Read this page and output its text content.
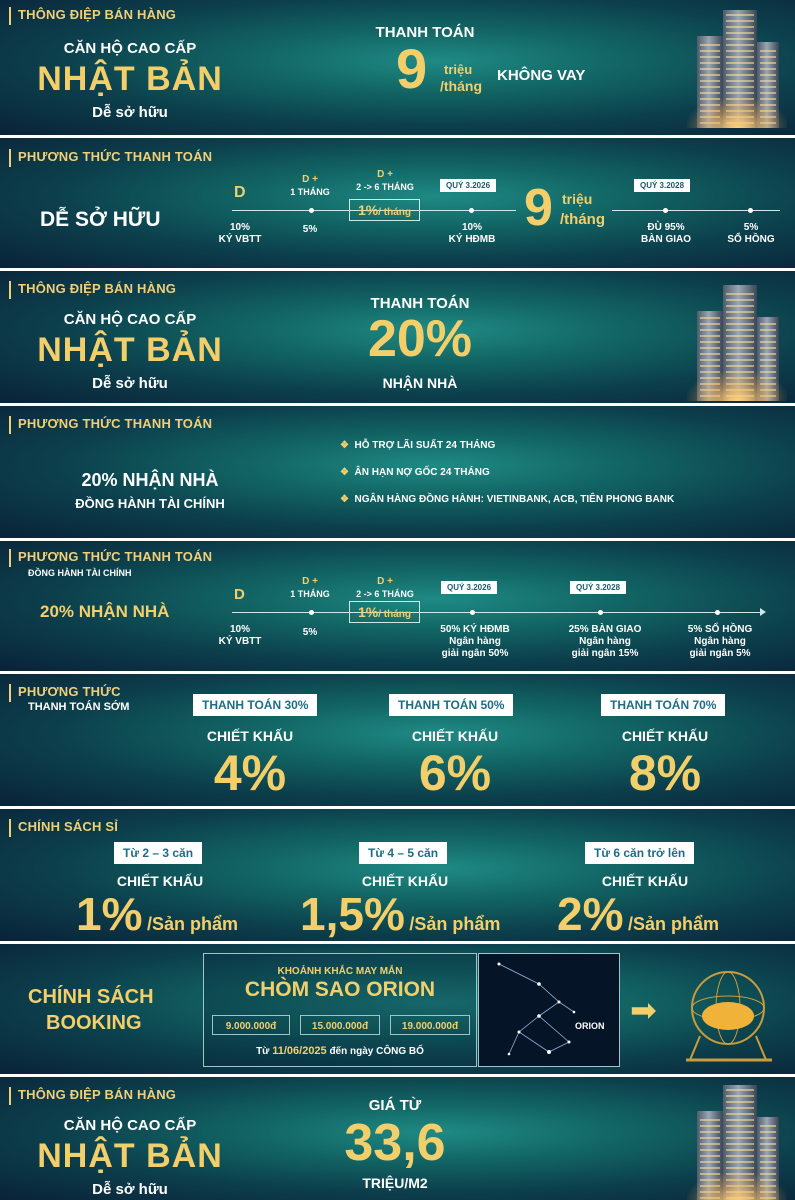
THÔNG ĐIỆP BÁN HÀNG
CĂN HỘ CAO CẤP
NHẬT BẢN
Dễ sở hữu
THANH TOÁN
9 triệu
/tháng
KHÔNG VAY
PHƯƠNG THỨC THANH TOÁN
DỄ SỞ HỮU
D
10%
KÝ VBTT
D +
1 THÁNG
5%
D +
2 -> 6 THÁNG
1%/ tháng
QUÝ 3.2026
10%
KÝ HĐMB
9 triệu
/tháng
QUÝ 3.2028
ĐÙ 95%
BÀN GIAO
5%
SỔ HỒNG
THÔNG ĐIỆP BÁN HÀNG
CĂN HỘ CAO CẤP
NHẬT BẢN
Dễ sở hữu
THANH TOÁN
20%
NHẬN NHÀ
PHƯƠNG THỨC THANH TOÁN
20% NHẬN NHÀ
ĐỒNG HÀNH TÀI CHÍNH
❖ HỖ TRỢ LÃI SUẤT 24 THÁNG
❖ ÂN HẠN NỢ GỐC 24 THÁNG
❖ NGÂN HÀNG ĐỒNG HÀNH: VIETINBANK, ACB, TIÊN PHONG BANK
PHƯƠNG THỨC THANH TOÁN
ĐỒNG HÀNH TÀI CHÍNH
20% NHẬN NHÀ
D
10%
KÝ VBTT
D +
1 THÁNG
5%
D +
2 -> 6 THÁNG
1%/ tháng
QUÝ 3.2026
50% KÝ HĐMB
Ngân hàng
giải ngân 50%
QUÝ 3.2028
25% BÀN GIAO
Ngân hàng
giải ngân 15%
5% SỔ HỒNG
Ngân hàng
giải ngân 5%
PHƯƠNG THỨC
THANH TOÁN SỚM	THANH TOÁN 30%
CHIẾT KHẤU
4%
THANH TOÁN 50%
CHIẾT KHẤU
6%
THANH TOÁN 70%
CHIẾT KHẤU
8%
CHÍNH SÁCH SỈ
Từ 2 – 3 căn
CHIẾT KHẤU
1% /Sản phẩm
Từ 4 – 5 căn
CHIẾT KHẤU
1,5% /Sản phẩm
Từ 6 căn trở lên
CHIẾT KHẤU
2% /Sản phẩm
CHÍNH SÁCH
BOOKING
KHOẢNH KHẮC MAY MẮN
CHÒM SAO ORION
9.000.000đ	15.000.000đ	19.000.000đ
Từ 11/06/2025 đến ngày CÔNG BỐ
ORION ➡
THÔNG ĐIỆP BÁN HÀNG
CĂN HỘ CAO CẤP
NHẬT BẢN
Dễ sở hữu
GIÁ TỪ
33,6
TRIỆU/M2
